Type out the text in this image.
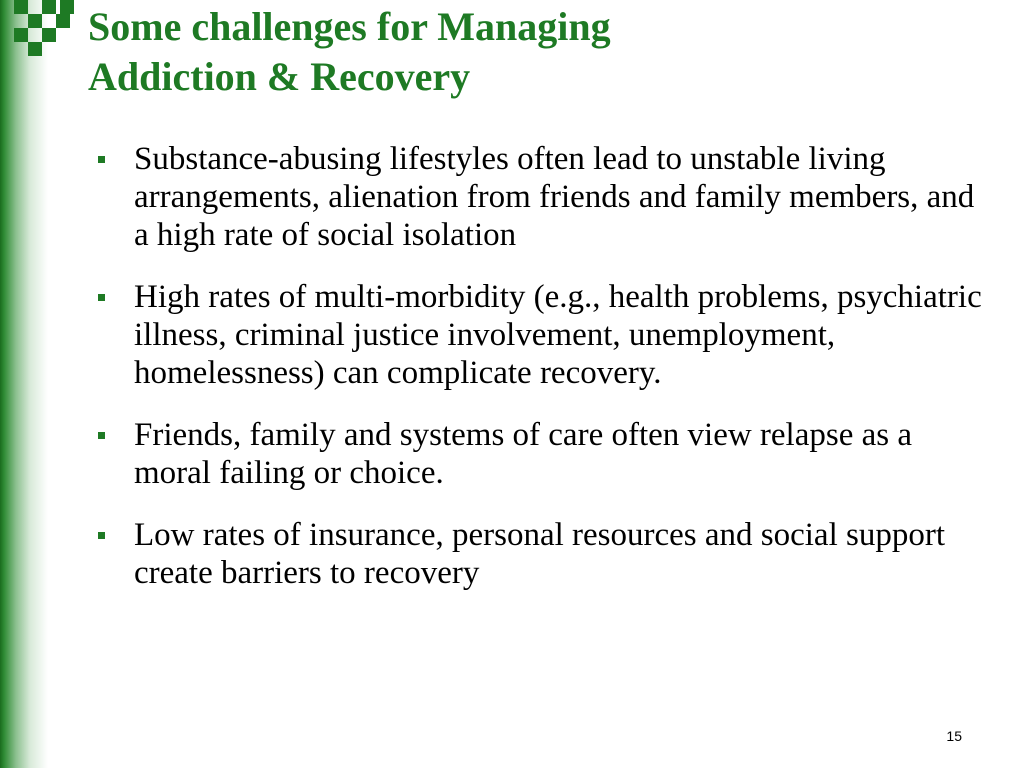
Some challenges for Managing
Addiction & Recovery
Substance-abusing lifestyles often lead to unstable living arrangements, alienation from friends and family members, and a high rate of social isolation
High rates of multi-morbidity (e.g., health problems, psychiatric illness, criminal justice involvement, unemployment, homelessness) can complicate recovery.
Friends, family and systems of care often view relapse as a moral failing or choice.
Low rates of insurance, personal resources and social support create barriers to recovery
15
